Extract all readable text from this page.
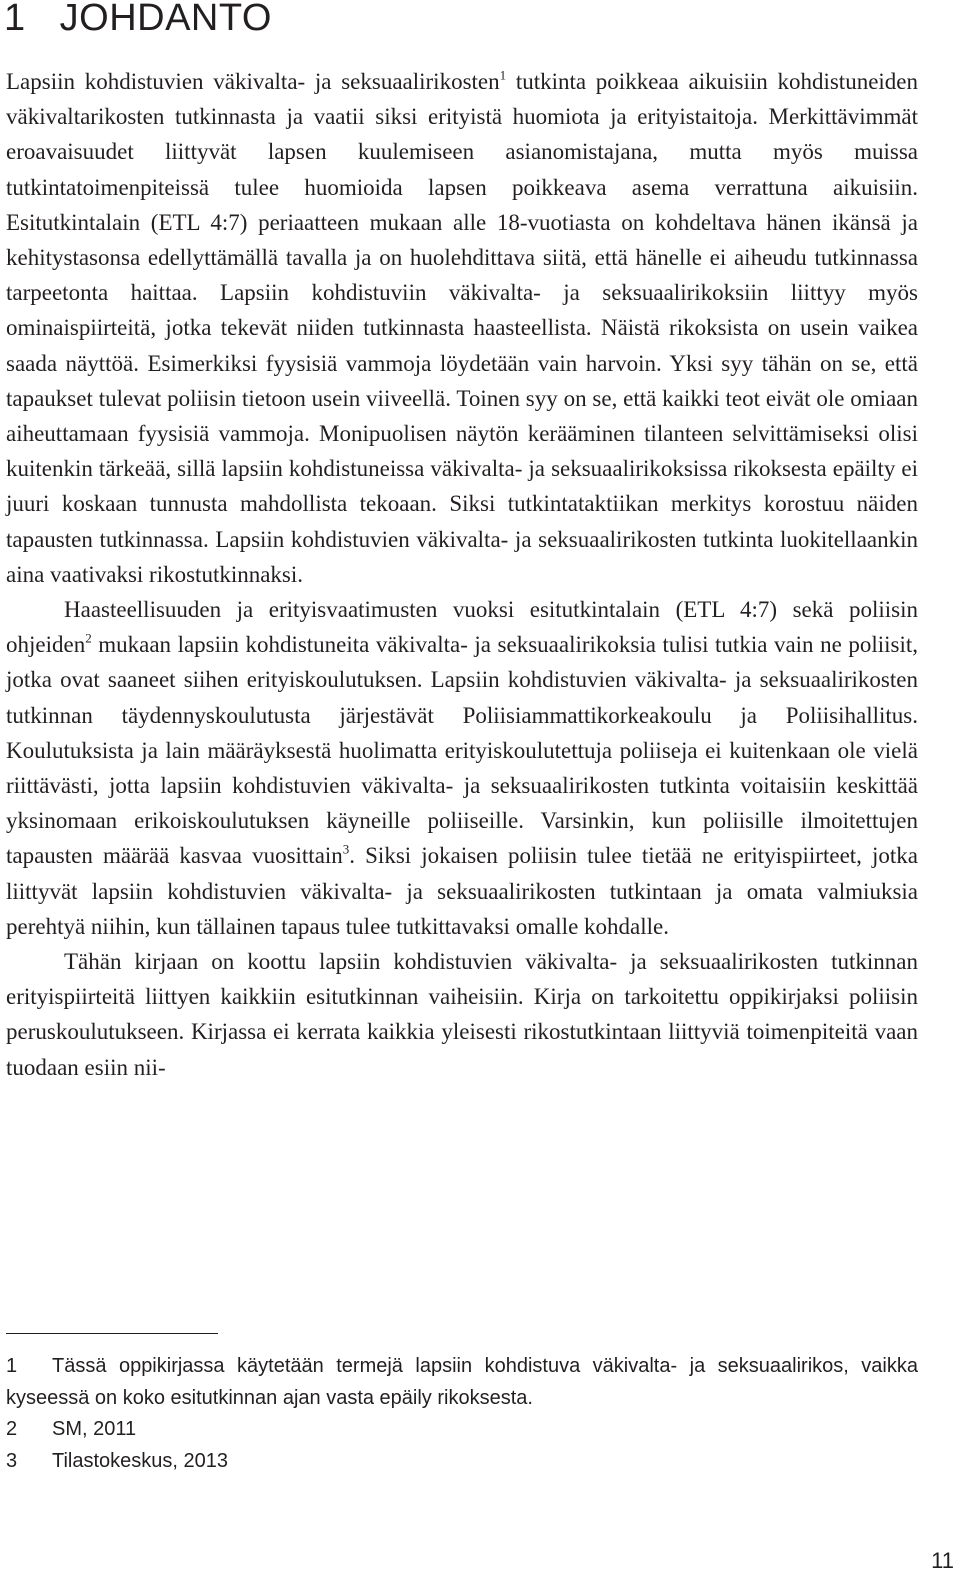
1 JOHDANTO

Lapsiin kohdistuvien väkivalta- ja seksuaalirikosten$^1$ tutkinta poikkeaa aikuisiin kohdistuneiden väkivaltarikosten tutkinnasta ja vaatii siksi erityistä huomiota ja erityistaitoja. Merkittävimmät eroavaisuudet liittyvät lapsen kuulemiseen asianomistajana, mutta myös muissa tutkintatoimenpiteissä tulee huomioida lapsen poikkeava asema verrattuna aikuisiin. Esitutkintalain (ETL 4:7) periaatteen mukaan alle 18-vuotiasta on kohdeltava hänen ikänsä ja kehitystasonsa edellyttämällä tavalla ja on huolehdittava siitä, että hänelle ei aiheudu tutkinnassa tarpeetonta haittaa. Lapsiin kohdistuviin väkivalta- ja seksuaalirikoksiin liittyy myös ominaispiirteitä, jotka tekevät niiden tutkinnasta haasteellista. Näistä rikoksista on usein vaikea saada näyttöä. Esimerkiksi fyysisiä vammoja löydetään vain harvoin. Yksi syy tähän on se, että tapaukset tulevat poliisin tietoon usein viiveellä. Toinen syy on se, että kaikki teot eivät ole omiaan aiheuttamaan fyysisiä vammoja. Monipuolisen näytön kerääminen tilanteen selvittämiseksi olisi kuitenkin tärkeää, sillä lapsiin kohdistuneissa väkivalta- ja seksuaalirikoksissa rikoksesta epäilty ei juuri koskaan tunnusta mahdollista tekoaan. Siksi tutkintataktiikan merkitys korostuu näiden tapausten tutkinnassa. Lapsiin kohdistuvien väkivalta- ja seksuaalirikosten tutkinta luokitellaankin aina vaativaksi rikostutkinnaksi.

Haasteellisuuden ja erityisvaatimusten vuoksi esitutkintalain (ETL 4:7) sekä poliisin ohjeiden$^2$ mukaan lapsiin kohdistuneita väkivalta- ja seksuaalirikoksia tulisi tutkia vain ne poliisit, jotka ovat saaneet siihen erityiskoulutuksen. Lapsiin kohdistuvien väkivalta- ja seksuaalirikosten tutkinnan täydennyskoulutusta järjestävät Poliisiammattikorkeakoulu ja Poliisihallitus. Koulutuksista ja lain määräyksestä huolimatta erityiskoulutettuja poliiseja ei kuitenkaan ole vielä riittävästi, jotta lapsiin kohdistuvien väkivalta- ja seksuaalirikosten tutkinta voitaisiin keskittää yksinomaan erikoiskoulutuksen käyneille poliiseille. Varsinkin, kun poliisille ilmoitettujen tapausten määrää kasvaa vuosittain$^3$. Siksi jokaisen poliisin tulee tietää ne erityispiirteet, jotka liittyvät lapsiin kohdistuvien väkivalta- ja seksuaalirikosten tutkintaan ja omata valmiuksia perehtyä niihin, kun tällainen tapaus tulee tutkittavaksi omalle kohdalle.

Tähän kirjaan on koottu lapsiin kohdistuvien väkivalta- ja seksuaalirikosten tutkinnan erityispiirteitä liittyen kaikkiin esitutkinnan vaiheisiin. Kirja on tarkoitettu oppikirjaksi poliisin peruskoulutukseen. Kirjassa ei kerrata kaikkia yleisesti rikostutkintaan liittyviä toimenpiteitä vaan tuodaan esiin nii-

1 Tässä oppikirjassa käytetään termejä lapsiin kohdistuva väkivalta- ja seksuaalirikos, vaikka kyseessä on koko esitutkinnan ajan vasta epäily rikoksesta.

2 SM, 2011

3 Tilastokeskus, 2013

11
